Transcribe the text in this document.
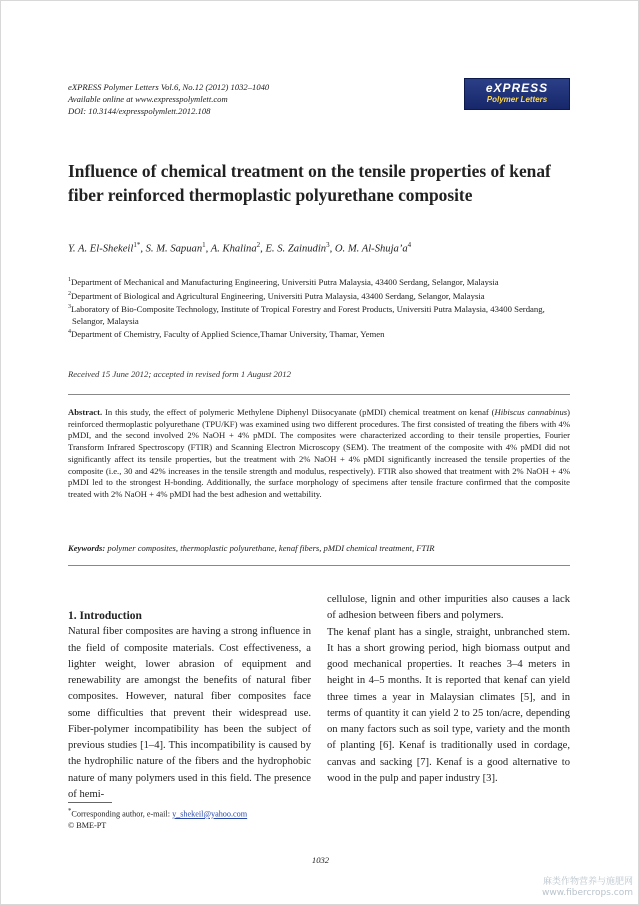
eXPRESS Polymer Letters Vol.6, No.12 (2012) 1032–1040
Available online at www.expresspolymlett.com
DOI: 10.3144/expresspolymlett.2012.108
eXPRESS
Polymer Letters
Influence of chemical treatment on the tensile properties of kenaf fiber reinforced thermoplastic polyurethane composite
Y. A. El-Shekeil$^{1*}$, S. M. Sapuan$^1$, A. Khalina$^2$, E. S. Zainudin$^3$, O. M. $Al-Shuja’a^4$

$^1$Department of Mechanical and Manufacturing Engineering, Universiti Putra Malaysia, 43400 Serdang, Selangor, Malaysia

$^2$Department of Biological and Agricultural Engineering, Universiti Putra Malaysia, 43400 Serdang, Selangor, Malaysia

$^3$Laboratory of Bio-Composite Technology, Institute of Tropical Forestry and Forest Products, Universiti Putra Malaysia, 43400 Serdang, Selangor, Malaysia

$^4$Department of Chemistry, Faculty of Applied Science,Thamar University, Thamar, Yemen

Received 15 June 2012; accepted in revised form 1 August 2012
Abstract. In this study, the effect of polymeric Methylene Diphenyl Diisocyanate (pMDI) chemical treatment on kenaf (Hibiscus cannabinus) reinforced thermoplastic polyurethane (TPU/KF) was examined using two different procedures. The first consisted of treating the fibers with 4% pMDI, and the second involved 2% NaOH + 4% pMDI. The composites were characterized according to their tensile properties, Fourier Transform Infrared Spectroscopy (FTIR) and Scanning Electron Microscopy (SEM). The treatment of the composite with 4% pMDI did not significantly affect its tensile properties, but the treatment with 2% NaOH + 4% pMDI significantly increased the tensile properties of the composite (i.e., 30 and 42% increases in the tensile strength and modulus, respectively). FTIR also showed that treatment with 2% NaOH + 4% pMDI led to the strongest H-bonding. Additionally, the surface morphology of specimens after tensile fracture confirmed that the composite treated with 2% NaOH + 4% pMDI had the best adhesion and wettability.
Keywords: polymer composites, thermoplastic polyurethane, kenaf fibers, pMDI chemical treatment, FTIR

1. Introduction

Natural fiber composites are having a strong influence in the field of composite materials. Cost effectiveness, a lighter weight, lower abrasion of equipment and renewability are amongst the benefits of natural fiber composites. However, natural fiber composites face some difficulties that prevent their widespread use. Fiber-polymer incompatibility has been the subject of previous studies [1–4]. This incompatibility is caused by the hydrophilic nature of the fibers and the hydrophobic nature of many polymers used in this field. The presence of hemi-

cellulose, lignin and other impurities also causes a lack of adhesion between fibers and polymers.

The kenaf plant has a single, straight, unbranched stem. It has a short growing period, high biomass output and good mechanical properties. It reaches 3–4 meters in height in 4–5 months. It is reported that kenaf can yield three times a year in Malaysian climates [5], and in terms of quantity it can yield 2 to 25 ton/acre, depending on many factors such as soil type, variety and the month of planting [6]. Kenaf is traditionally used in cordage, canvas and sacking [7]. Kenaf is a good alternative to wood in the pulp and paper industry [3].

*Corresponding author, e-mail: y_shekeil@yahoo.com
© BME-PT
1032
麻类作物营养与施肥网
www.fibercrops.com
